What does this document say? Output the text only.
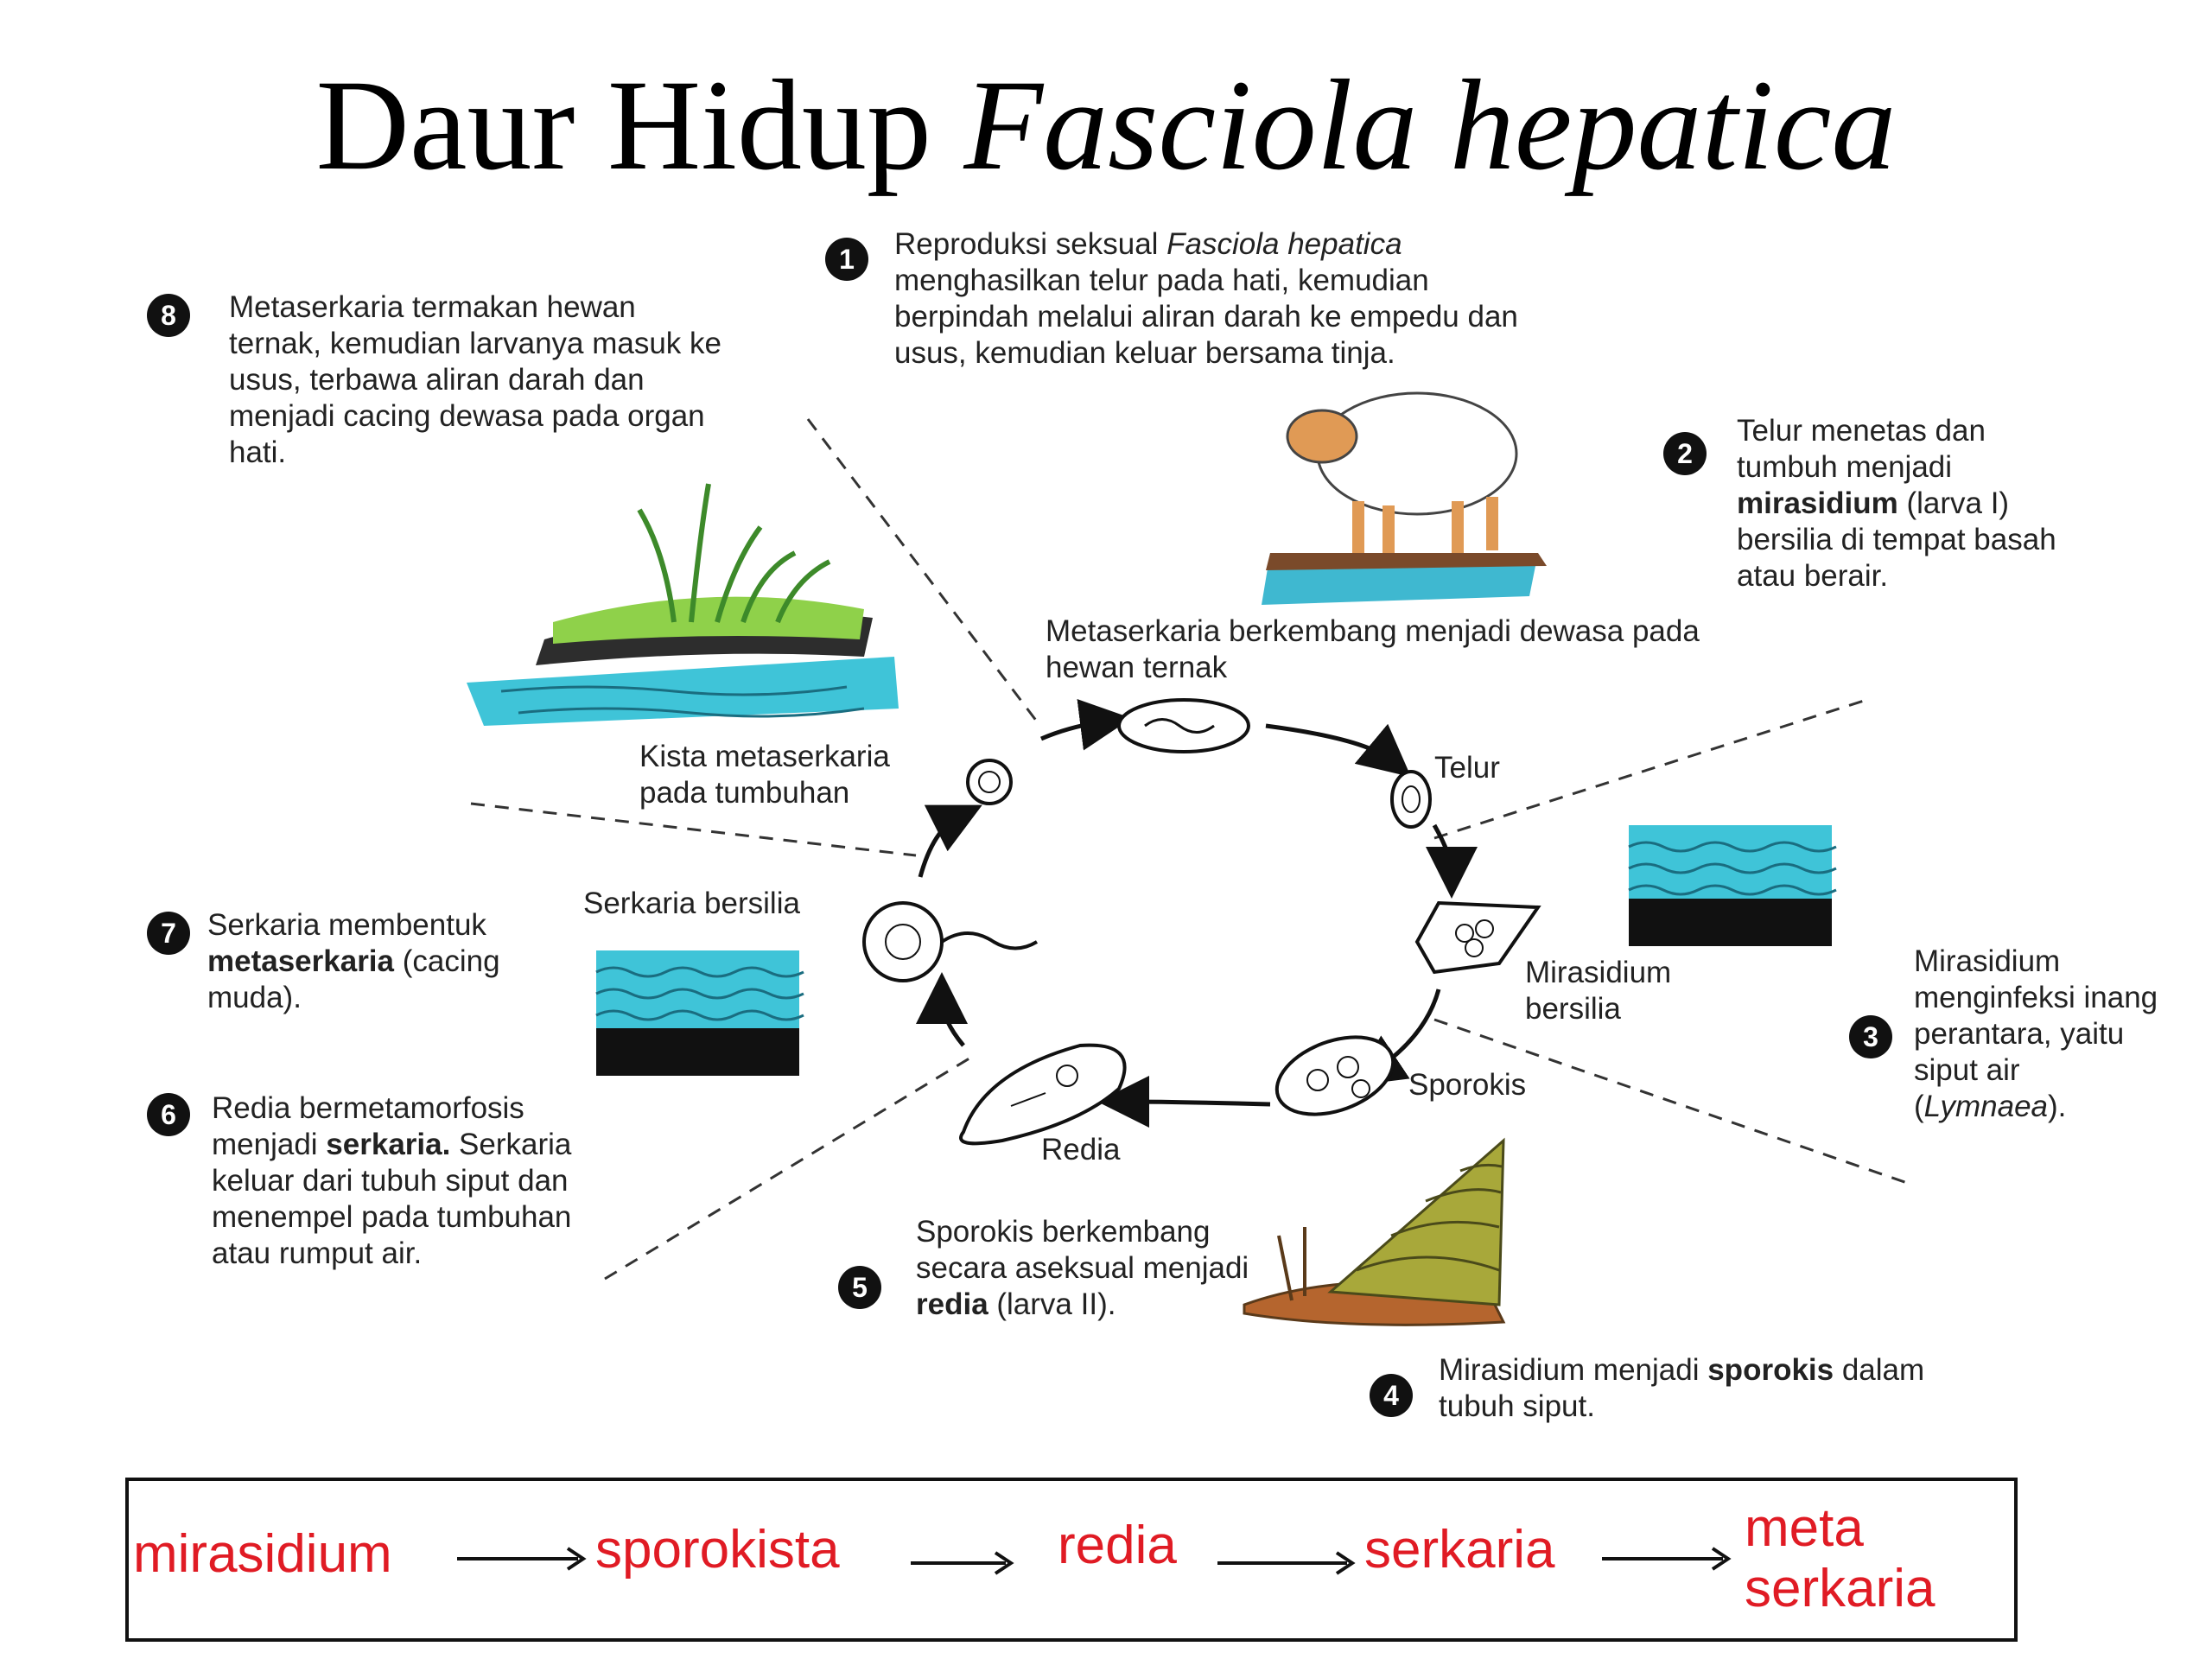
Daur Hidup Fasciola hepatica
1
2
3
4
5
6
7
8
Reproduksi seksual Fasciola hepatica
menghasilkan telur pada hati, kemudian berpindah melalui aliran darah ke empedu dan usus, kemudian keluar bersama tinja.
Telur menetas dan tumbuh menjadi mirasidium (larva I) bersilia di tempat basah atau berair.
Mirasidium menginfeksi inang perantara, yaitu siput air (Lymnaea).
Mirasidium menjadi sporokis dalam tubuh siput.
Sporokis berkembang secara aseksual menjadi redia (larva II).
Redia bermetamorfosis menjadi serkaria. Serkaria keluar dari tubuh siput dan menempel pada tumbuhan atau rumput air.
Serkaria membentuk metaserkaria (cacing muda).
Metaserkaria termakan hewan ternak, kemudian larvanya masuk ke usus, terbawa aliran darah dan menjadi cacing dewasa pada organ hati.
Metaserkaria berkembang menjadi dewasa pada hewan ternak
Telur
Mirasidium bersilia
Sporokis
Redia
Serkaria bersilia
Kista metaserkaria pada tumbuhan
mirasidium	sporokista	redia	serkaria	meta
serkaria
